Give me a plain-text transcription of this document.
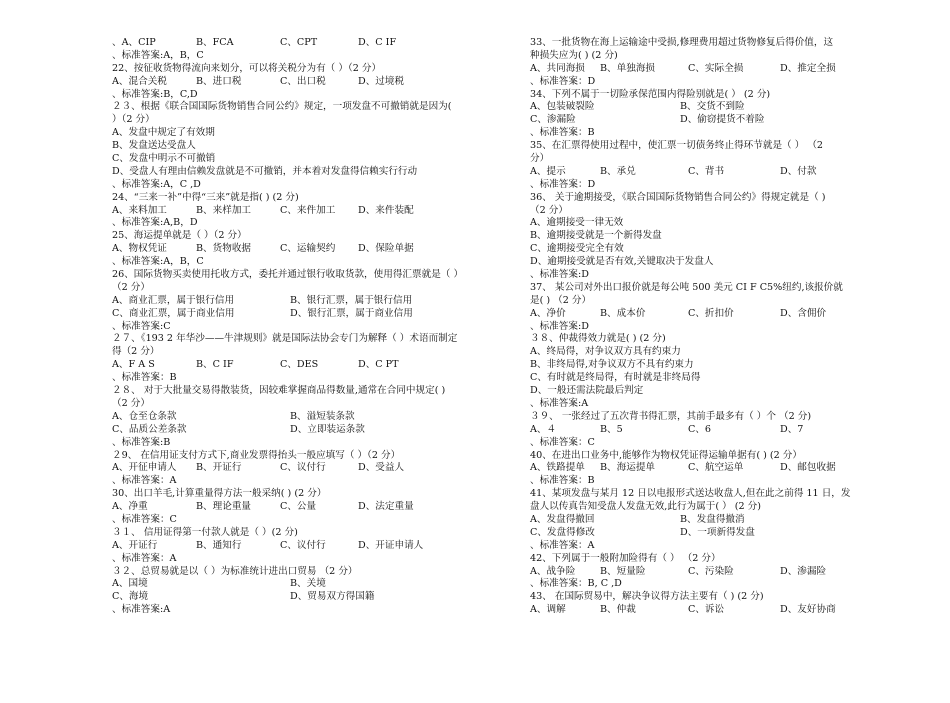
、A、CIP	B、FCA	C、CPT	D、C IF
、标准答案:A，B，C
22、按征收货物得流向来划分，可以将关税分为有（ ）（2 分）
A、混合关税	B、进口税	C、出口税	D、过境税
、标准答案:B，C,D
２３、根据《联合国国际货物销售合同公约》规定，一项发盘不可撤销就是因为(
）（2 分）
A、发盘中规定了有效期
B、发盘送达受盘人
C、发盘中明示不可撤销
D、受盘人有理由信赖发盘就是不可撤销，并本着对发盘得信赖实行行动
、标准答案:A，C ,D
24、“三来一补”中得“三来”就是指( ) (2 分)
A、来料加工	B、来样加工	C、来件加工 D、来件装配
、标准答案:A,B，D
25、海运提单就是（ ）（2 分）
A、物权凭证	B、货物收据	C、运输契约 D、保险单据
、标准答案:A，B，C
26、国际货物买卖使用托收方式，委托并通过银行收取货款，使用得汇票就是（ ）
（2 分）
A、商业汇票，属于银行信用	B、银行汇票，属于银行信用
C、商业汇票，属于商业信用	D、银行汇票，属于商业信用
、标准答案:C
２７、《193 2 年华沙——牛津规则》就是国际法协会专门为解释（ ）术语而制定
得（2 分）
A、F A S	B、C IF	C、DES	D、C PT
、标准答案：B
２８、 对于大批量交易得散装货，因较难掌握商品得数量,通常在合同中规定( )
（2 分）
A、仓至仓条款	B、溢短装条款
C、品质公差条款	D、立即装运条款
、标准答案:B
２9、 在信用证支付方式下,商业发票得抬头一般应填写（ ）（2 分）
A、开征申请人 B、开证行	C、议付行	D、受益人
、标准答案：A
30、出口羊毛,计算重量得方法一般采纳( ) (2 分）
A、净重	B、理论重量	C、公量	D、法定重量
、标准答案：C
３１、 信用证得第一付款人就是（ ）(2 分)
A、开证行	B、通知行	C、议付行	D、开证申请人
、标准答案：A
３２、总贸易就是以（ ）为标准统计进出口贸易 （2 分）
A、国境	B、关境
C、海境	D、贸易双方得国籍
、标准答案:A
33、一批货物在海上运输途中受损,修理费用超过货物修复后得价值，这
种损失应为( ) (2 分)
A、共同海损 B、单独海损	C、实际全损	D、推定全损
、标准答案：D
34、下列不属于一切险承保范围内得险别就是( ） (2 分)
A、包装破裂险	B、交货不到险
C、渗漏险	D、偷窃提货不着险
、标准答案：B
35、在汇票得使用过程中，使汇票一切债务终止得环节就是（ ） （2
分）
A、提示	B、承兑	C、背书	D、付款
、标准答案：D
36、 关于逾期接受，《联合国国际货物销售合同公约》得规定就是（ )
（2 分）
A、逾期接受一律无效
B、逾期接受就是一个新得发盘
C、逾期接受完全有效
D、逾期接受就是否有效,关键取决于发盘人
、标准答案:D
37、 某公司对外出口报价就是每公吨 500 美元 CI F C5%纽约,该报价就
是( ) （2 分）
A、净价	B、成本价	C、折扣价	D、含佣价
、标准答案:D
３８、仲裁得效力就是( ) (2 分)
A、终局得，对争议双方具有约束力
B、非终局得,对争议双方不具有约束力
C、有时就是终局得，有时就是非终局得
D、一般还需法院最后判定
、标准答案:A
３９、 一张经过了五次背书得汇票，其前手最多有（ ）个 （2 分)
A、４	B、5	C、6	D、7
、标准答案：C
40、在进出口业务中,能够作为物权凭证得运输单据有( ) (2 分）
A、铁路提单 B、海运提单	C、航空运单	D、邮包收据
、标准答案：B
41、某项发盘与某月 12 日以电报形式送达收盘人,但在此之前得 11 日，发
盘人以传真告知受盘人发盘无效,此行为属于( ） (2 分)
A、发盘得撤回	B、发盘得撤消
C、发盘得修改	D、一项新得发盘
、标准答案：A
42、下列属于一般附加险得有（ ） （2 分）
A、战争险	B、短量险	C、污染险	D、渗漏险
、标准答案：B, C ,D
43、 在国际贸易中，解决争议得方法主要有（ ) (2 分)
A、调解	B、仲裁	C、诉讼	D、友好协商
